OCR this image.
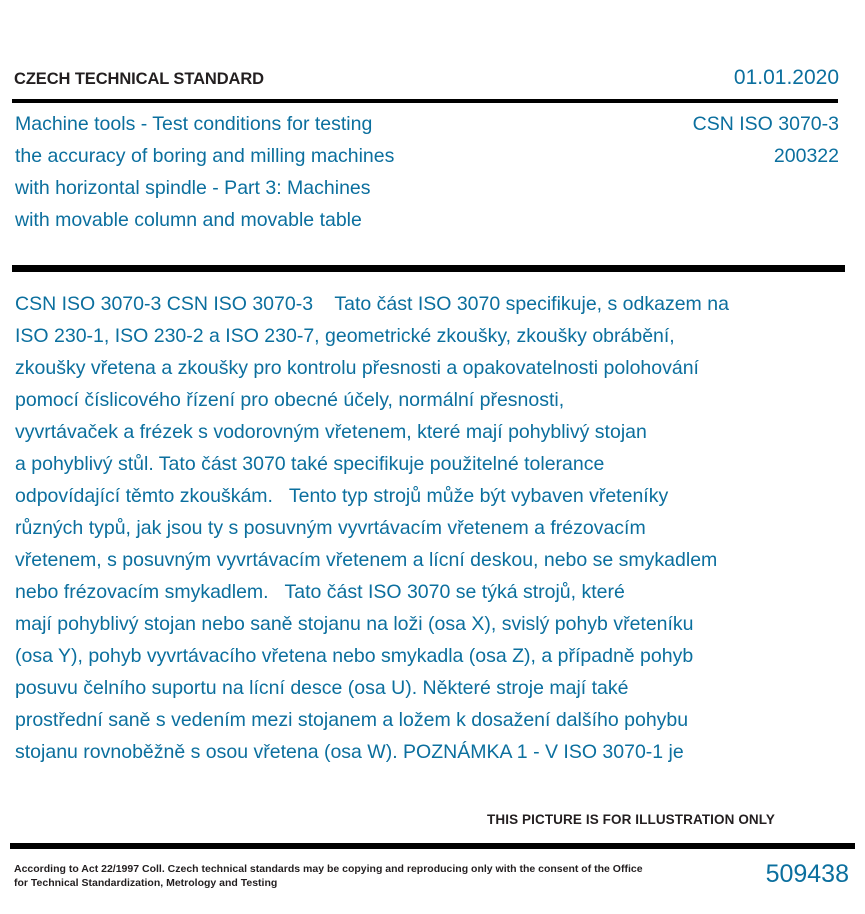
CZECH TECHNICAL STANDARD	01.01.2020
Machine tools - Test conditions for testing	CSN ISO 3070-3
the accuracy of boring and milling machines	200322
with horizontal spindle - Part 3: Machines
with movable column and movable table
CSN ISO 3070-3 CSN ISO 3070-3    Tato část ISO 3070 specifikuje, s odkazem na
ISO 230-1, ISO 230-2 a ISO 230-7, geometrické zkoušky, zkoušky obrábění,
zkoušky vřetena a zkoušky pro kontrolu přesnosti a opakovatelnosti polohování
pomocí číslicového řízení pro obecné účely, normální přesnosti,
vyvrtávaček a frézek s vodorovným vřetenem, které mají pohyblivý stojan
a pohyblivý stůl. Tato část 3070 také specifikuje použitelné tolerance
odpovídající těmto zkouškám.   Tento typ strojů může být vybaven vřeteníky
různých typů, jak jsou ty s posuvným vyvrtávacím vřetenem a frézovacím
vřetenem, s posuvným vyvrtávacím vřetenem a lícní deskou, nebo se smykadlem
nebo frézovacím smykadlem.   Tato část ISO 3070 se týká strojů, které
mají pohyblivý stojan nebo saně stojanu na loži (osa X), svislý pohyb vřeteníku
(osa Y), pohyb vyvrtávacího vřetena nebo smykadla (osa Z), a případně pohyb
posuvu čelního suportu na lícní desce (osa U). Některé stroje mají také
prostřední saně s vedením mezi stojanem a ložem k dosažení dalšího pohybu
stojanu rovnoběžně s osou vřetena (osa W). POZNÁMKA 1 - V ISO 3070-1 je
THIS PICTURE IS FOR ILLUSTRATION ONLY
According to Act 22/1997 Coll. Czech technical standards may be copying and reproducing only with the consent of the Office
for Technical Standardization, Metrology and Testing	509438
